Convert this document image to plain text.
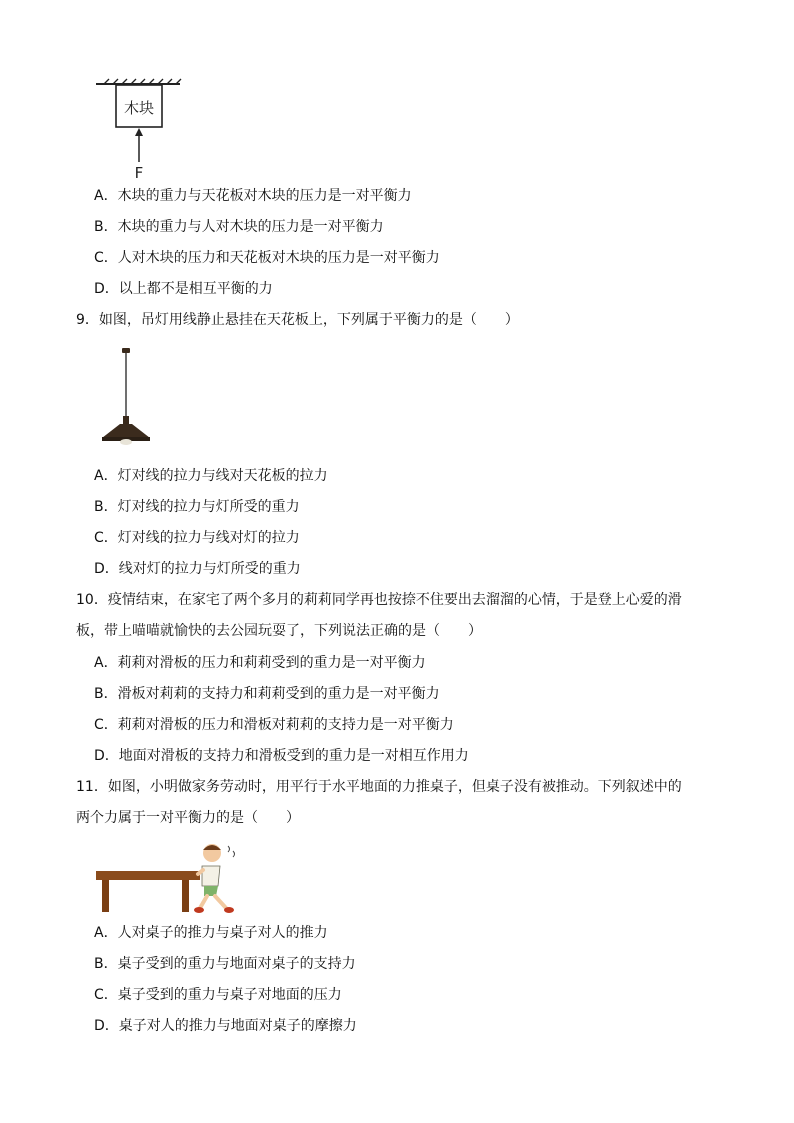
木块
F
A．木块的重力与天花板对木块的压力是一对平衡力
B．木块的重力与人对木块的压力是一对平衡力
C．人对木块的压力和天花板对木块的压力是一对平衡力
D．以上都不是相互平衡的力
9．如图，吊灯用线静止悬挂在天花板上，下列属于平衡力的是（　　）
A．灯对线的拉力与线对天花板的拉力
B．灯对线的拉力与灯所受的重力
C．灯对线的拉力与线对灯的拉力
D．线对灯的拉力与灯所受的重力
10．疫情结束，在家宅了两个多月的莉莉同学再也按捺不住要出去溜溜的心情，于是登上心爱的滑
板，带上喵喵就愉快的去公园玩耍了，下列说法正确的是（　　）
A．莉莉对滑板的压力和莉莉受到的重力是一对平衡力
B．滑板对莉莉的支持力和莉莉受到的重力是一对平衡力
C．莉莉对滑板的压力和滑板对莉莉的支持力是一对平衡力
D．地面对滑板的支持力和滑板受到的重力是一对相互作用力
11．如图，小明做家务劳动时，用平行于水平地面的力推桌子，但桌子没有被推动。下列叙述中的
两个力属于一对平衡力的是（　　）
A．人对桌子的推力与桌子对人的推力
B．桌子受到的重力与地面对桌子的支持力
C．桌子受到的重力与桌子对地面的压力
D．桌子对人的推力与地面对桌子的摩擦力
